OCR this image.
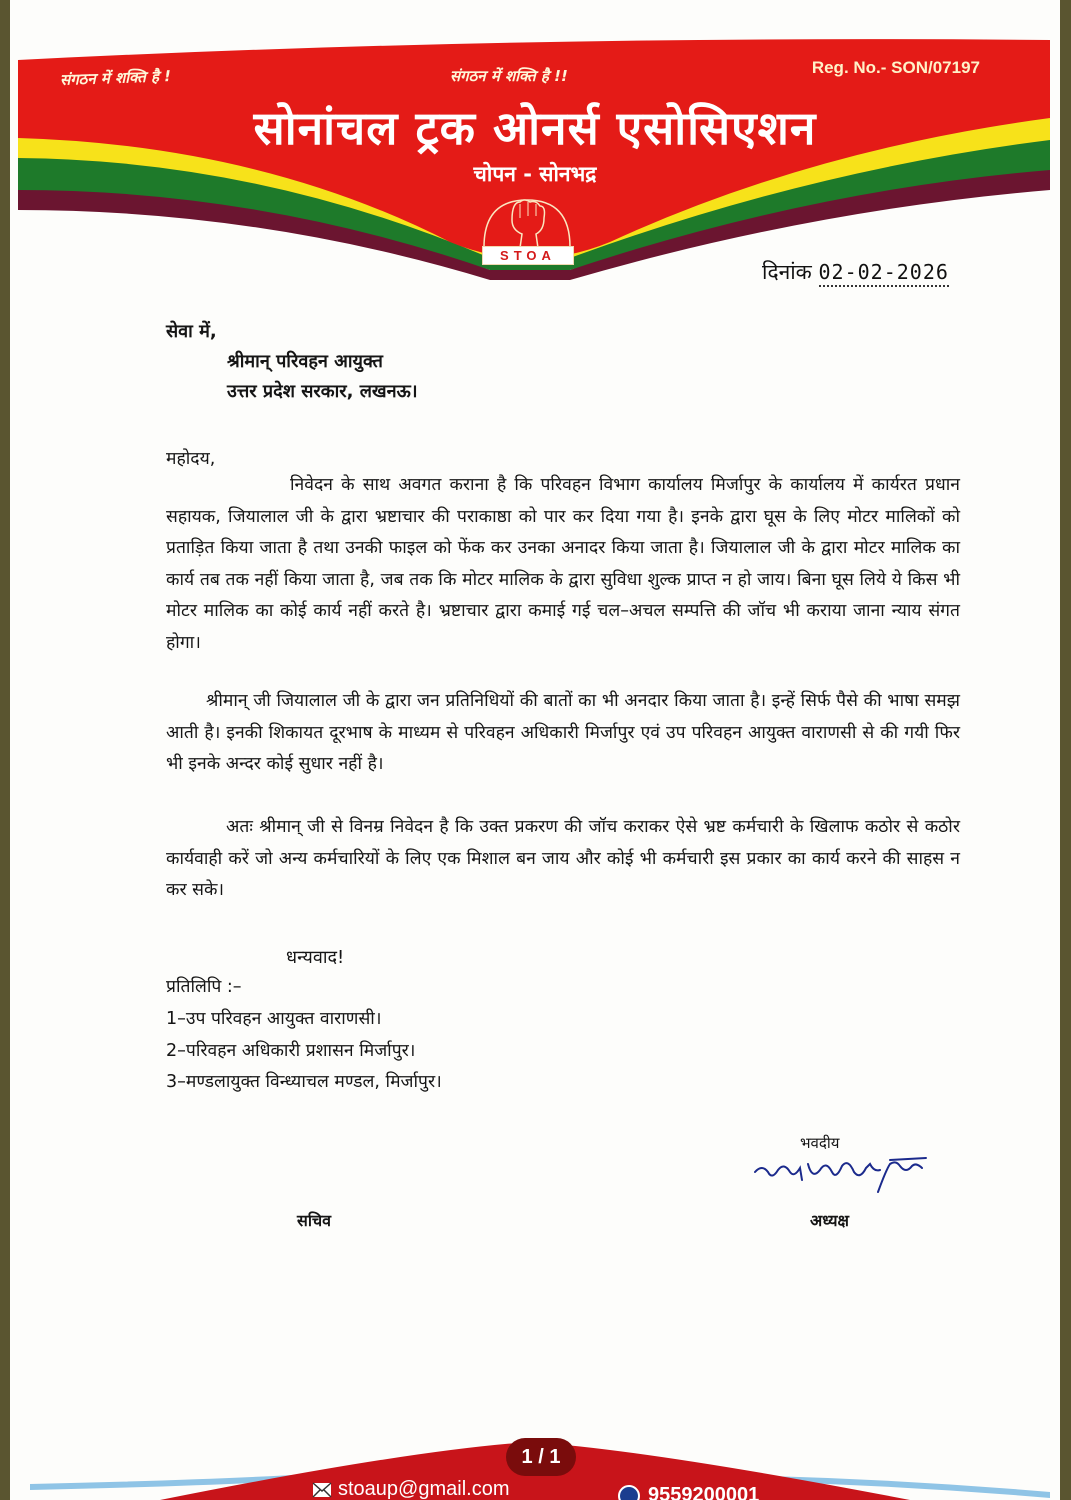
संगठन में शक्ति है !	संगठन में शक्ति है !!	Reg. No.- SON/07197
सोनांचल ट्रक ओनर्स एसोसिएशन
चोपन - सोनभद्र
STOA
दिनांक 02-02-2026
सेवा में,
श्रीमान् परिवहन आयुक्त
उत्तर प्रदेश सरकार, लखनऊ।
महोदय,

निवेदन के साथ अवगत कराना है कि परिवहन विभाग कार्यालय मिर्जापुर के कार्यालय में कार्यरत प्रधान सहायक, जियालाल जी के द्वारा भ्रष्टाचार की पराकाष्ठा को पार कर दिया गया है। इनके द्वारा घूस के लिए मोटर मालिकों को प्रताड़ित किया जाता है तथा उनकी फाइल को फेंक कर उनका अनादर किया जाता है। जियालाल जी के द्वारा मोटर मालिक का कार्य तब तक नहीं किया जाता है, जब तक कि मोटर मालिक के द्वारा सुविधा शुल्क प्राप्त न हो जाय। बिना घूस लिये ये किस भी मोटर मालिक का कोई कार्य नहीं करते है। भ्रष्टाचार द्वारा कमाई गई चल–अचल सम्पत्ति की जॉच भी कराया जाना न्याय संगत होगा।

श्रीमान् जी जियालाल जी के द्वारा जन प्रतिनिधियों की बातों का भी अनदार किया जाता है। इन्हें सिर्फ पैसे की भाषा समझ आती है। इनकी शिकायत दूरभाष के माध्यम से परिवहन अधिकारी मिर्जापुर एवं उप परिवहन आयुक्त वाराणसी से की गयी फिर भी इनके अन्दर कोई सुधार नहीं है।

अतः श्रीमान् जी से विनम्र निवेदन है कि उक्त प्रकरण की जॉच कराकर ऐसे भ्रष्ट कर्मचारी के खिलाफ कठोर से कठोर कार्यवाही करें जो अन्य कर्मचारियों के लिए एक मिशाल बन जाय और कोई भी कर्मचारी इस प्रकार का कार्य करने की साहस न कर सके।

धन्यवाद!
प्रतिलिपि :–
1–उप परिवहन आयुक्त वाराणसी।
2–परिवहन अधिकारी प्रशासन मिर्जापुर।
3–मण्डलायुक्त विन्ध्याचल मण्डल, मिर्जापुर।
भवदीय
अध्यक्ष
सचिव
1 / 1
stoaup@gmail.com	9559200001
